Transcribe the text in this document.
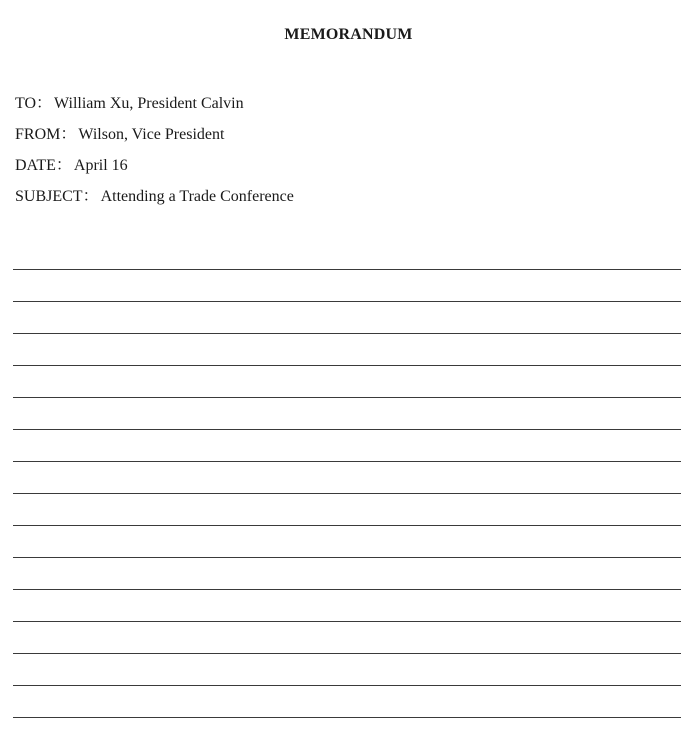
MEMORANDUM
TO： William Xu, President Calvin
FROM： Wilson, Vice President
DATE： April 16
SUBJECT： Attending a Trade Conference
